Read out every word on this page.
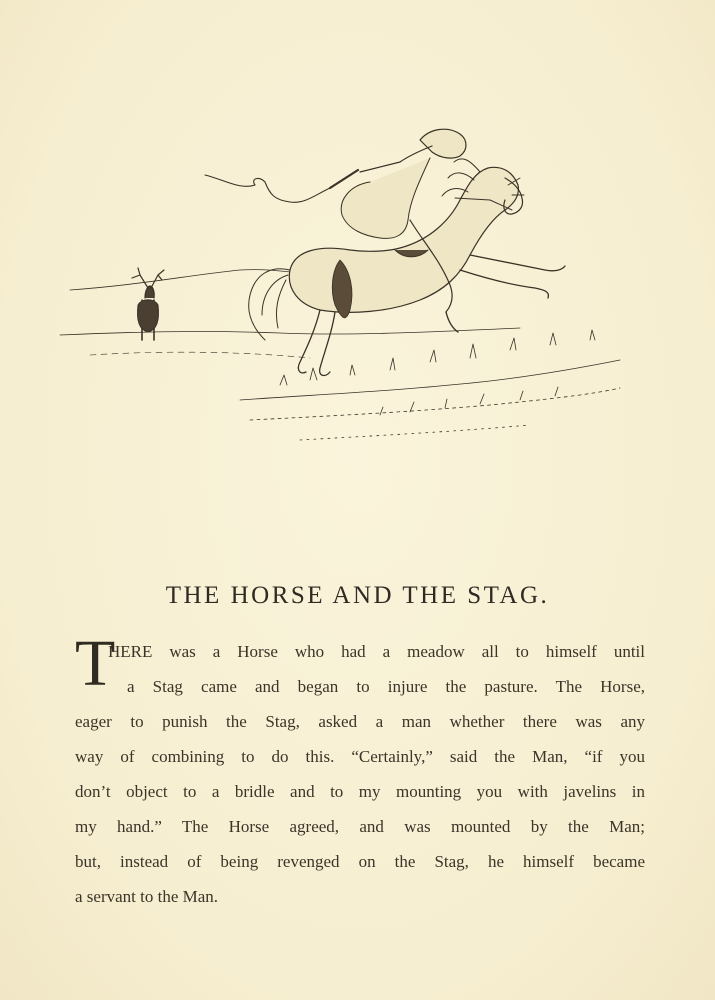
THE HORSE AND THE STAG.
T
HERE was a Horse who had a meadow all to himself until
a Stag came and began to injure the pasture. The Horse,
eager to punish the Stag, asked a man whether there was any
way of combining to do this. “Certainly,” said the Man, “if you
don’t object to a bridle and to my mounting you with javelins in
my hand.” The Horse agreed, and was mounted by the Man;
but, instead of being revenged on the Stag, he himself became
a servant to the Man.
